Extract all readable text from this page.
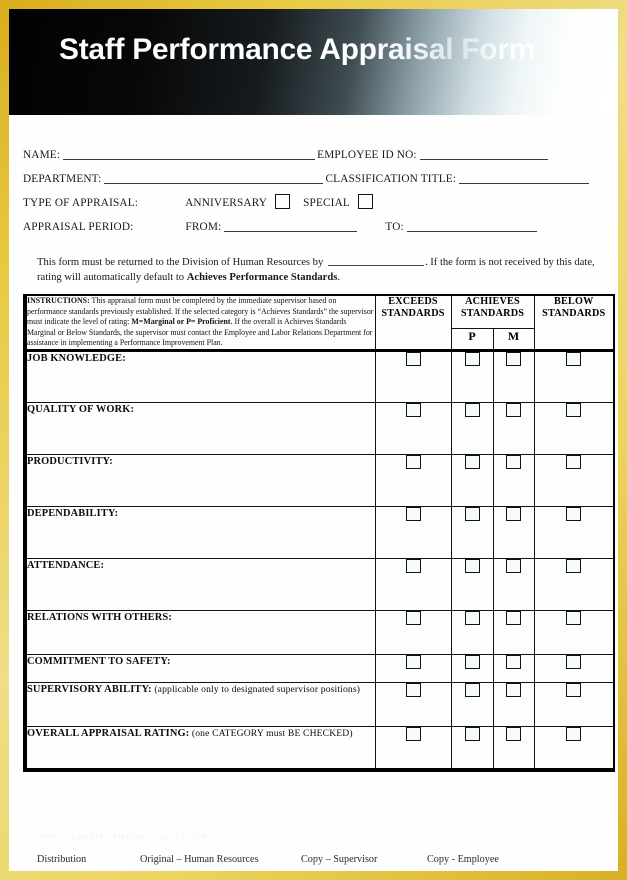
Staff Performance Appraisal Form
NAME:	EMPLOYEE ID NO:
DEPARTMENT:	CLASSIFICATION TITLE:
TYPE OF APPRAISAL:	ANNIVERSARY	SPECIAL
APPRAISAL PERIOD:	FROM:	TO:
This form must be returned to the Division of Human Resources by	. If the form is not received by this date, rating will automatically default to Achieves Performance Standards.
INSTRUCTIONS: This appraisal form must be completed by the immediate supervisor based on performance standards previously established. If the selected category is “Achieves Standards” the supervisor must indicate the level of rating: M=Marginal or P= Proficient. If the overall is Achieves Standards Marginal or Below Standards, the supervisor must contact the Employee and Labor Relations Department for assistance in implementing a Performance Improvement Plan.	EXCEEDS STANDARDS	ACHIEVES STANDARDS		BELOW STANDARDS
		P	M	
JOB KNOWLEDGE:				
QUALITY OF WORK:				
PRODUCTIVITY:				
DEPENDABILITY:				
ATTENDANCE:				
RELATIONS WITH OTHERS:				
COMMITMENT TO SAFETY:				
SUPERVISORY ABILITY: (applicable only to designated supervisor positions)				
OVERALL APPRAISAL RATING: (one CATEGORY must BE CHECKED)				
www.example-template-source.com
Distribution	Original – Human Resources	Copy – Supervisor	Copy - Employee
